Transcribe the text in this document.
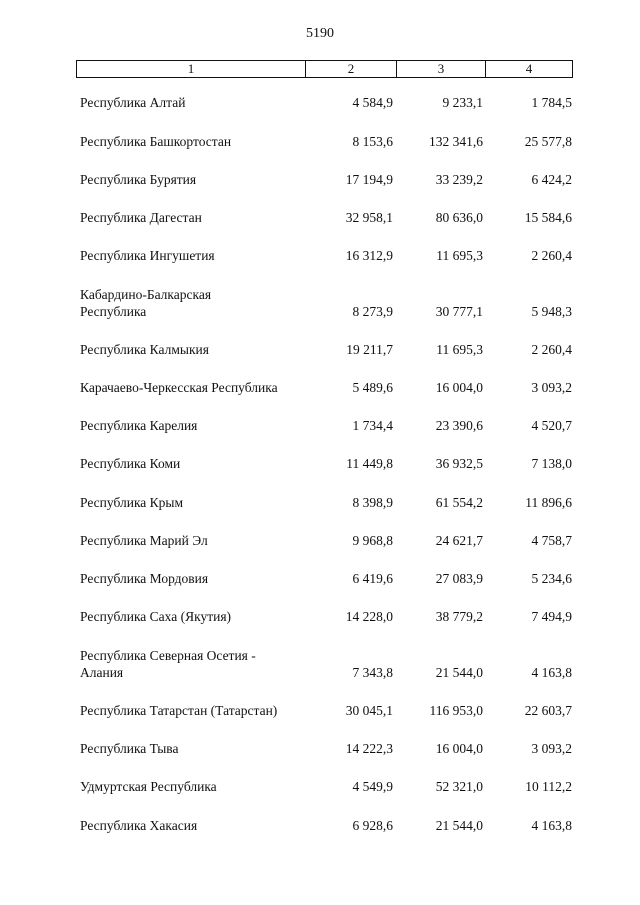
5190
1	2	3	4
Республика Алтай	4 584,9	9 233,1	1 784,5
Республика Башкортостан	8 153,6	132 341,6	25 577,8
Республика Бурятия	17 194,9	33 239,2	6 424,2
Республика Дагестан	32 958,1	80 636,0	15 584,6
Республика Ингушетия	16 312,9	11 695,3	2 260,4
Кабардино-Балкарская
Республика	8 273,9	30 777,1	5 948,3
Республика Калмыкия	19 211,7	11 695,3	2 260,4
Карачаево-Черкесская Республика	5 489,6	16 004,0	3 093,2
Республика Карелия	1 734,4	23 390,6	4 520,7
Республика Коми	11 449,8	36 932,5	7 138,0
Республика Крым	8 398,9	61 554,2	11 896,6
Республика Марий Эл	9 968,8	24 621,7	4 758,7
Республика Мордовия	6 419,6	27 083,9	5 234,6
Республика Саха (Якутия)	14 228,0	38 779,2	7 494,9
Республика Северная Осетия -
Алания	7 343,8	21 544,0	4 163,8
Республика Татарстан (Татарстан)	30 045,1	116 953,0	22 603,7
Республика Тыва	14 222,3	16 004,0	3 093,2
Удмуртская Республика	4 549,9	52 321,0	10 112,2
Республика Хакасия	6 928,6	21 544,0	4 163,8
